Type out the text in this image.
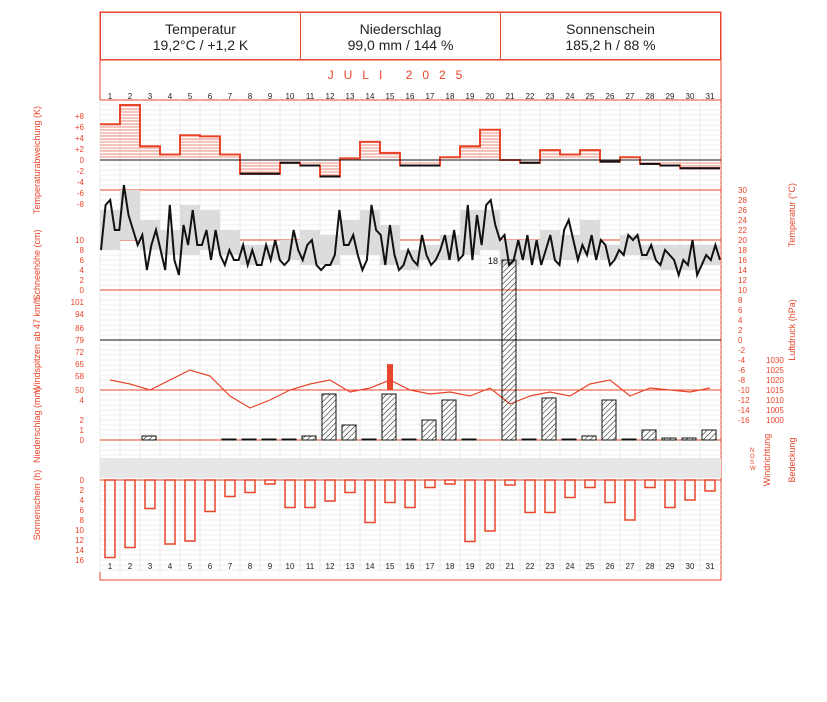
Temperatur
19,2°C / +1,2 K
Niederschlag
99,0 mm / 144 %
Sonnenschein
185,2 h / 88 %
JULI 2025
1
1
2
2
3
3
4
4
5
5
6
6
7
7
8
8
9
9
10
10
11
11
12
12
13
13
14
14
15
15
16
16
17
17
18
18
19
19
20
20
21
21
22
22
23
23
24
24
25
25
26
26
27
27
28
28
29
29
30
30
31
31
+8
+6
+4
+2
0
-2
-4
-6
-8
30
28
26
24
22
20
18
16
14
12
10
8
6
4
2
0
-2
-4
-6
-8
-10
-12
-14
-16
10
8
6
4
2
0
101
94
86
79
72
65
58
50
1030
1025
1020
1015
1010
1005
1000
18
4
2
1
0
N
O
S
W
0
2
4
6
8
10
12
14
16
Temperaturabweichung (K)
Schneehöhe (cm)
Windspitzen ab 47 km/h
Niederschlag (mm)
Sonnenschein (h)
Temperatur (°C)
Luftdruck (hPa)
Windrichtung Bedeckung
